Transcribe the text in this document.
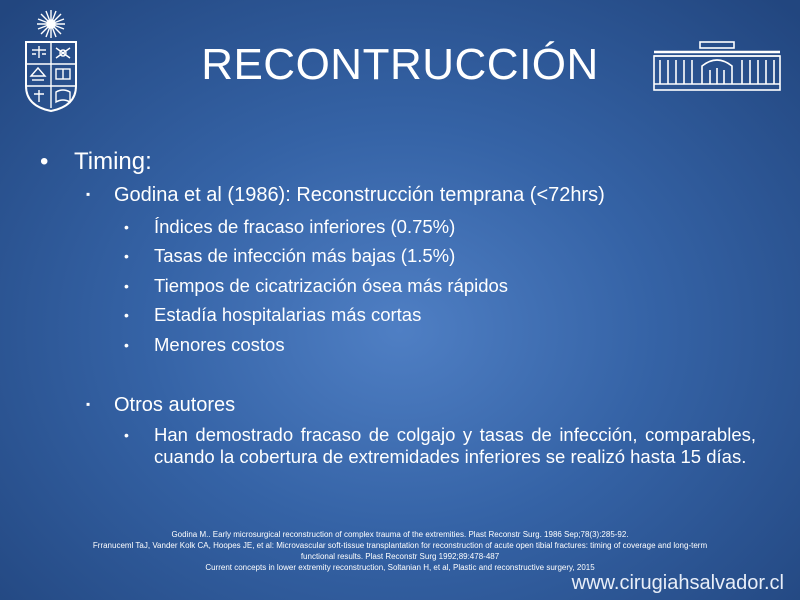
RECONTRUCCIÓN
• Timing:
▪ Godina et al (1986): Reconstrucción temprana (<72hrs)
• Índices de fracaso inferiores (0.75%)
• Tasas de infección más bajas (1.5%)
• Tiempos de cicatrización ósea más rápidos
• Estadía hospitalarias más cortas
• Menores costos
▪ Otros autores
• Han demostrado fracaso de colgajo y tasas de infección, comparables, cuando la cobertura de extremidades inferiores se realizó hasta 15 días.
Godina M.. Early microsurgical reconstruction of complex trauma of the extremities. Plast Reconstr Surg. 1986 Sep;78(3):285-92.
Frranuceml TaJ, Vander Kolk CA, Hoopes JE, et al: Microvascular soft-tissue transplantation for reconstruction of acute open tibial fractures: timing of coverage and long-term functional results. Plast Reconstr Surg 1992;89:478-487
Current concepts in lower extremity reconstruction, Soltanian H, et al, Plastic and reconstructive surgery, 2015
www.cirugiahsalvador.cl
